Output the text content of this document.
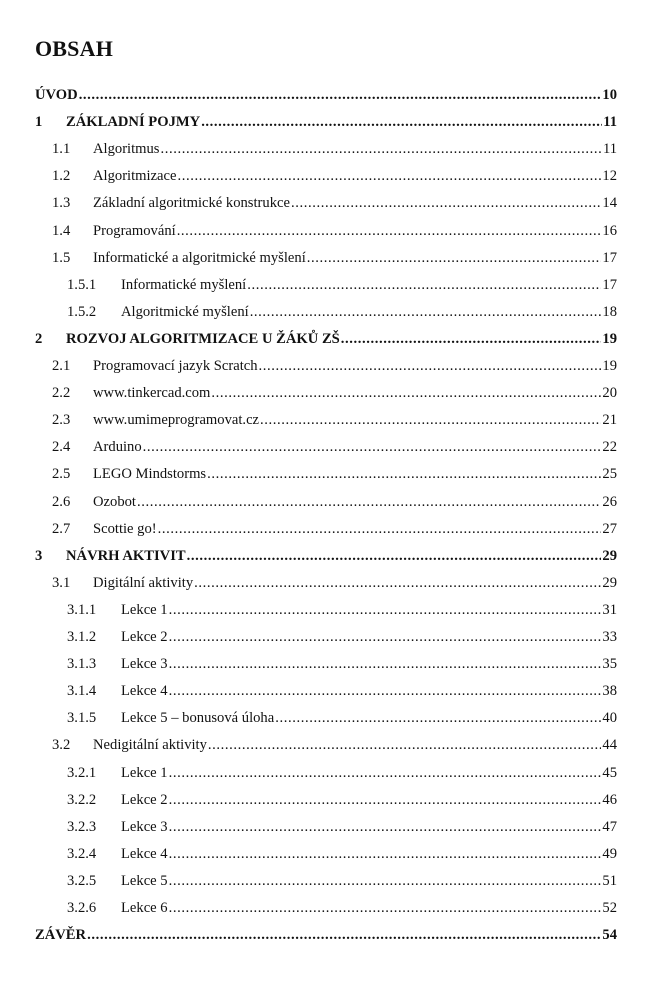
OBSAH
ÚVOD .....	10
1 ZÁKLADNÍ POJMY .....	11
1.1 Algoritmus .....	11
1.2 Algoritmizace .....	12
1.3 Základní algoritmické konstrukce .....	14
1.4 Programování .....	16
1.5 Informatické a algoritmické myšlení .....	17
1.5.1 Informatické myšlení .....	17
1.5.2 Algoritmické myšlení .....	18
2 ROZVOJ ALGORITMIZACE U ŽÁKŮ ZŠ .....	19
2.1 Programovací jazyk Scratch .....	19
2.2 www.tinkercad.com .....	20
2.3 www.umimeprogramovat.cz .....	21
2.4 Arduino .....	22
2.5 LEGO Mindstorms .....	25
2.6 Ozobot .....	26
2.7 Scottie go! .....	27
3 NÁVRH AKTIVIT .....	29
3.1 Digitální aktivity .....	29
3.1.1 Lekce 1 .....	31
3.1.2 Lekce 2 .....	33
3.1.3 Lekce 3 .....	35
3.1.4 Lekce 4 .....	38
3.1.5 Lekce 5 – bonusová úloha .....	40
3.2 Nedigitální aktivity .....	44
3.2.1 Lekce 1 .....	45
3.2.2 Lekce 2 .....	46
3.2.3 Lekce 3 .....	47
3.2.4 Lekce 4 .....	49
3.2.5 Lekce 5 .....	51
3.2.6 Lekce 6 .....	52
ZÁVĚR .....	54
